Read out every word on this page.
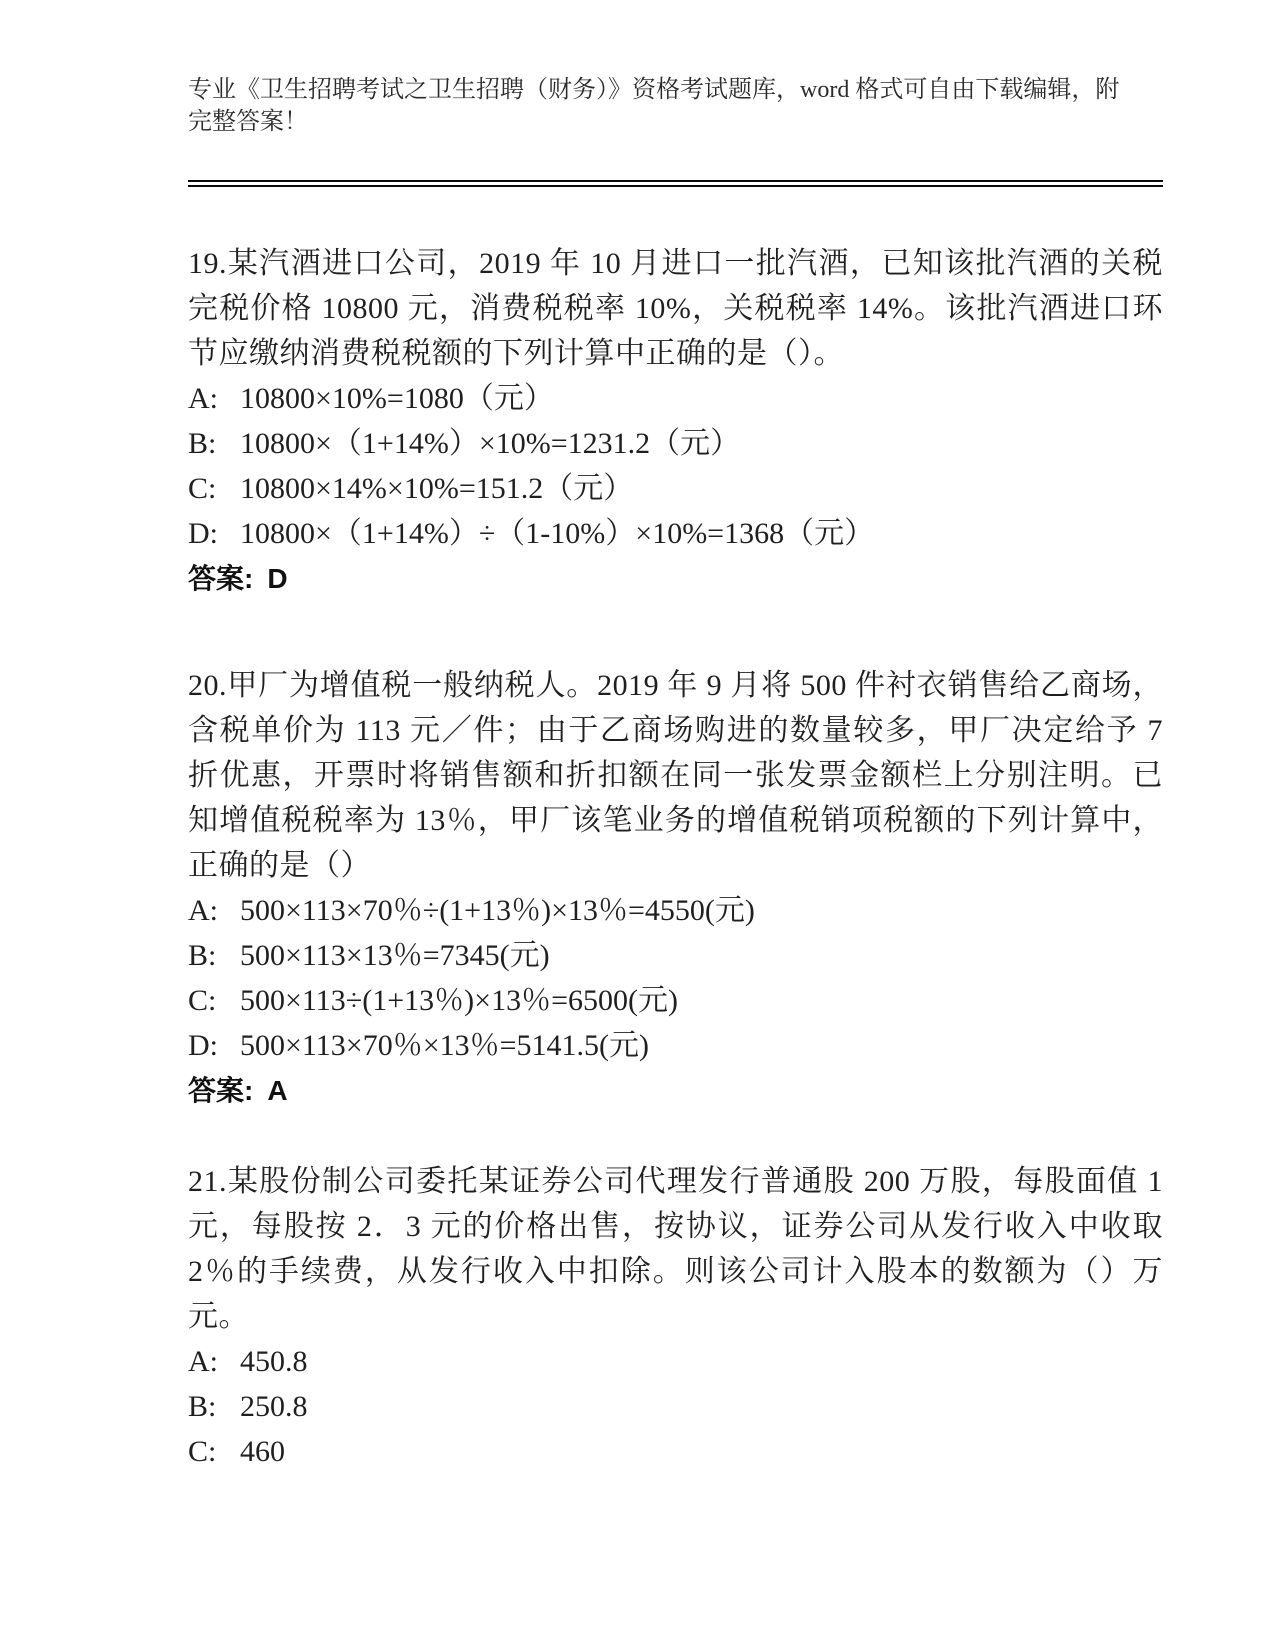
专业《卫生招聘考试之卫生招聘（财务）》资格考试题库，word 格式可自由下载编辑，附完整答案！

19.某汽酒进口公司，2019 年 10 月进口一批汽酒，已知该批汽酒的关税完税价格 10800 元，消费税税率 10%，关税税率 14%。该批汽酒进口环节应缴纳消费税税额的下列计算中正确的是（）。

A: 10800×10%=1080（元）

B: 10800×（1+14%）×10%=1231.2（元）

C: 10800×14%×10%=151.2（元）

D: 10800×（1+14%）÷（1-10%）×10%=1368（元）

答案: D

20.甲厂为增值税一般纳税人。2019 年 9 月将 500 件衬衣销售给乙商场，含税单价为 113 元／件；由于乙商场购进的数量较多，甲厂决定给予 7 折优惠，开票时将销售额和折扣额在同一张发票金额栏上分别注明。已知增值税税率为 13％，甲厂该笔业务的增值税销项税额的下列计算中，正确的是（）

A: 500×113×70％÷(1+13％)×13％=4550(元)

B: 500×113×13％=7345(元)

C: 500×113÷(1+13％)×13％=6500(元)

D: 500×113×70％×13％=5141.5(元)

答案: A

21.某股份制公司委托某证券公司代理发行普通股 200 万股，每股面值 1 元，每股按 2．3 元的价格出售，按协议，证券公司从发行收入中收取 2％的手续费，从发行收入中扣除。则该公司计入股本的数额为（）万元。

A: 450.8

B: 250.8

C: 460
